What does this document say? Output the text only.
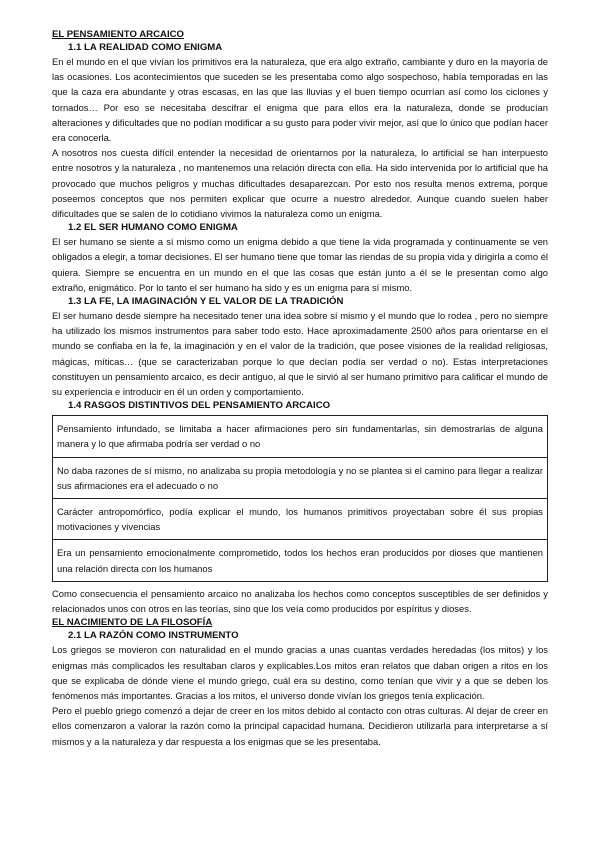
EL PENSAMIENTO ARCAICO
1.1 LA REALIDAD COMO ENIGMA

En el mundo en el que vivían los primitivos era la naturaleza, que era algo extraño, cambiante y duro en la mayoría de las ocasiones. Los acontecimientos que suceden se les presentaba como algo sospechoso, había temporadas en las que la caza era abundante y otras escasas, en las que las lluvias y el buen tiempo ocurrían así como los ciclones y tornados… Por eso se necesitaba descifrar el enigma que para ellos era la naturaleza, donde se producían alteraciones y dificultades que no podían modificar a su gusto para poder vivir mejor, así que lo único que podían hacer era conocerla.

A nosotros nos cuesta difícil entender la necesidad de orientarnos por la naturaleza, lo artificial se han interpuesto entre nosotros y la naturaleza , no mantenemos una relación directa con ella. Ha sido intervenida por lo artificial que ha provocado que muchos peligros y muchas dificultades desaparezcan. Por esto nos resulta menos extrema, porque poseemos conceptos que nos permiten explicar que ocurre a nuestro alrededor. Aunque cuando suelen haber dificultades que se salen de lo cotidiano vivimos la naturaleza como un enigma.

1.2 EL SER HUMANO COMO ENIGMA

El ser humano se siente a sí mismo como un enigma debido a que tiene la vida programada y continuamente se ven obligados a elegir, a tomar decisiones. El ser humano tiene que tomar las riendas de su propia vida y dirigirla a como él quiera. Siempre se encuentra en un mundo en el que las cosas que están junto a él se le presentan como algo extraño, enigmático. Por lo tanto el ser humano ha sido y es un enigma para sí mismo.

1.3 LA FE, LA IMAGINACIÓN Y EL VALOR DE LA TRADICIÓN

El ser humano desde siempre ha necesitado tener una idea sobre sí mismo y el mundo que lo rodea , pero no siempre ha utilizado los mismos instrumentos para saber todo esto. Hace aproximadamente 2500 años para orientarse en el mundo se confiaba en la fe, la imaginación y en el valor de la tradición, que posee visiones de la realidad religiosas, mágicas, míticas… (que se caracterizaban porque lo que decían podía ser verdad o no). Estas interpretaciones constituyen un pensamiento arcaico, es decir antiguo, al que le sirvió al ser humano primitivo para calificar el mundo de su experiencia e introducir en él un orden y comportamiento.

1.4 RASGOS DISTINTIVOS DEL PENSAMIENTO ARCAICO
Pensamiento infundado, se limitaba a hacer afirmaciones pero sin fundamentarlas, sin demostrarlas de alguna manera y lo que afirmaba podría ser verdad o no
No daba razones de sí mismo, no analizaba su propia metodología y no se plantea si el camino para llegar a realizar sus afirmaciones era el adecuado o no
Carácter antropomórfico, podía explicar el mundo, los humanos primitivos proyectaban sobre él sus propias motivaciones y vivencias
Era un pensamiento emocionalmente comprometido, todos los hechos eran producidos por dioses que mantienen una relación directa con los humanos

Como consecuencia el pensamiento arcaico no analizaba los hechos como conceptos susceptibles de ser definidos y relacionados unos con otros en las teorías, sino que los veía como producidos por espíritus y dioses.

EL NACIMIENTO DE LA FILOSOFÍA
2.1 LA RAZÓN COMO INSTRUMENTO

Los griegos se movieron con naturalidad en el mundo gracias a unas cuantas verdades heredadas (los mitos) y los enigmas más complicados les resultaban claros y explicables.Los mitos eran relatos que daban origen a ritos en los que se explicaba de dónde viene el mundo griego, cuál era su destino, como tenían que vivir y a que se deben los fenómenos más importantes. Gracias a los mitos, el universo donde vivían los griegos tenía explicación.

Pero el pueblo griego comenzó a dejar de creer en los mitos debido al contacto con otras culturas. Al dejar de creer en ellos comenzaron a valorar la razón como la principal capacidad humana. Decidieron utilizarla para interpretarse a sí mismos y a la naturaleza y dar respuesta a los enigmas que se les presentaba.
